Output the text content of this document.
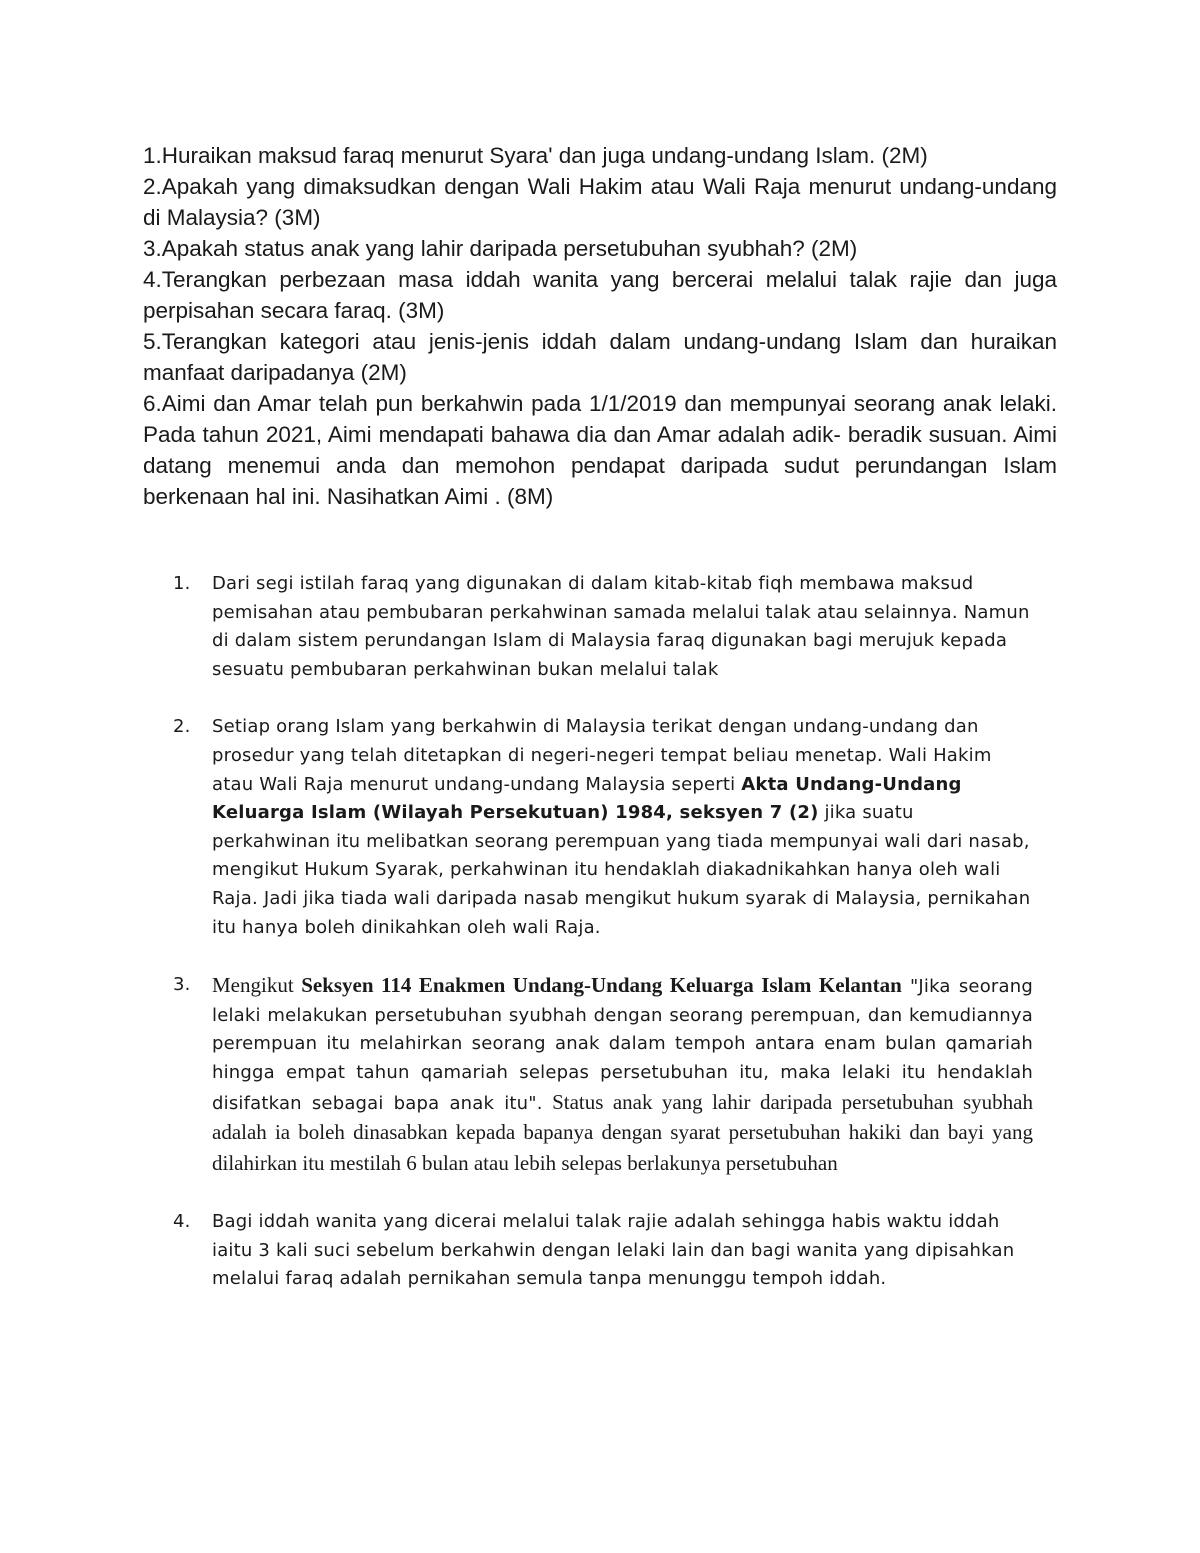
1.Huraikan maksud faraq menurut Syara' dan juga undang-undang Islam. (2M)

2.Apakah yang dimaksudkan dengan Wali Hakim atau Wali Raja menurut undang-undang di Malaysia? (3M)

3.Apakah status anak yang lahir daripada persetubuhan syubhah? (2M)

4.Terangkan perbezaan masa iddah wanita yang bercerai melalui talak rajie dan juga perpisahan secara faraq. (3M)

5.Terangkan kategori atau jenis-jenis iddah dalam undang-undang Islam dan huraikan manfaat daripadanya (2M)

6.Aimi dan Amar telah pun berkahwin pada 1/1/2019 dan mempunyai seorang anak lelaki. Pada tahun 2021, Aimi mendapati bahawa dia dan Amar adalah adik- beradik susuan. Aimi datang menemui anda dan memohon pendapat daripada sudut perundangan Islam berkenaan hal ini. Nasihatkan Aimi . (8M)

1.	Dari segi istilah faraq yang digunakan di dalam kitab-kitab fiqh membawa maksud pemisahan atau pembubaran perkahwinan samada melalui talak atau selainnya. Namun di dalam sistem perundangan Islam di Malaysia faraq digunakan bagi merujuk kepada sesuatu pembubaran perkahwinan bukan melalui talak
2.	Setiap orang Islam yang berkahwin di Malaysia terikat dengan undang-undang dan prosedur yang telah ditetapkan di negeri-negeri tempat beliau menetap. Wali Hakim atau Wali Raja menurut undang-undang Malaysia seperti Akta Undang-Undang Keluarga Islam (Wilayah Persekutuan) 1984, seksyen 7 (2) jika suatu perkahwinan itu melibatkan seorang perempuan yang tiada mempunyai wali dari nasab, mengikut Hukum Syarak, perkahwinan itu hendaklah diakadnikahkan hanya oleh wali Raja. Jadi jika tiada wali daripada nasab mengikut hukum syarak di Malaysia, pernikahan itu hanya boleh dinikahkan oleh wali Raja.
3.	Mengikut Seksyen 114 Enakmen Undang-Undang Keluarga Islam Kelantan "Jika seorang lelaki melakukan persetubuhan syubhah dengan seorang perempuan, dan kemudiannya perempuan itu melahirkan seorang anak dalam tempoh antara enam bulan qamariah hingga empat tahun qamariah selepas persetubuhan itu, maka lelaki itu hendaklah disifatkan sebagai bapa anak itu". Status anak yang lahir daripada persetubuhan syubhah adalah ia boleh dinasabkan kepada bapanya dengan syarat persetubuhan hakiki dan bayi yang dilahirkan itu mestilah 6 bulan atau lebih selepas berlakunya persetubuhan
4.	Bagi iddah wanita yang dicerai melalui talak rajie adalah sehingga habis waktu iddah iaitu 3 kali suci sebelum berkahwin dengan lelaki lain dan bagi wanita yang dipisahkan melalui faraq adalah pernikahan semula tanpa menunggu tempoh iddah.
